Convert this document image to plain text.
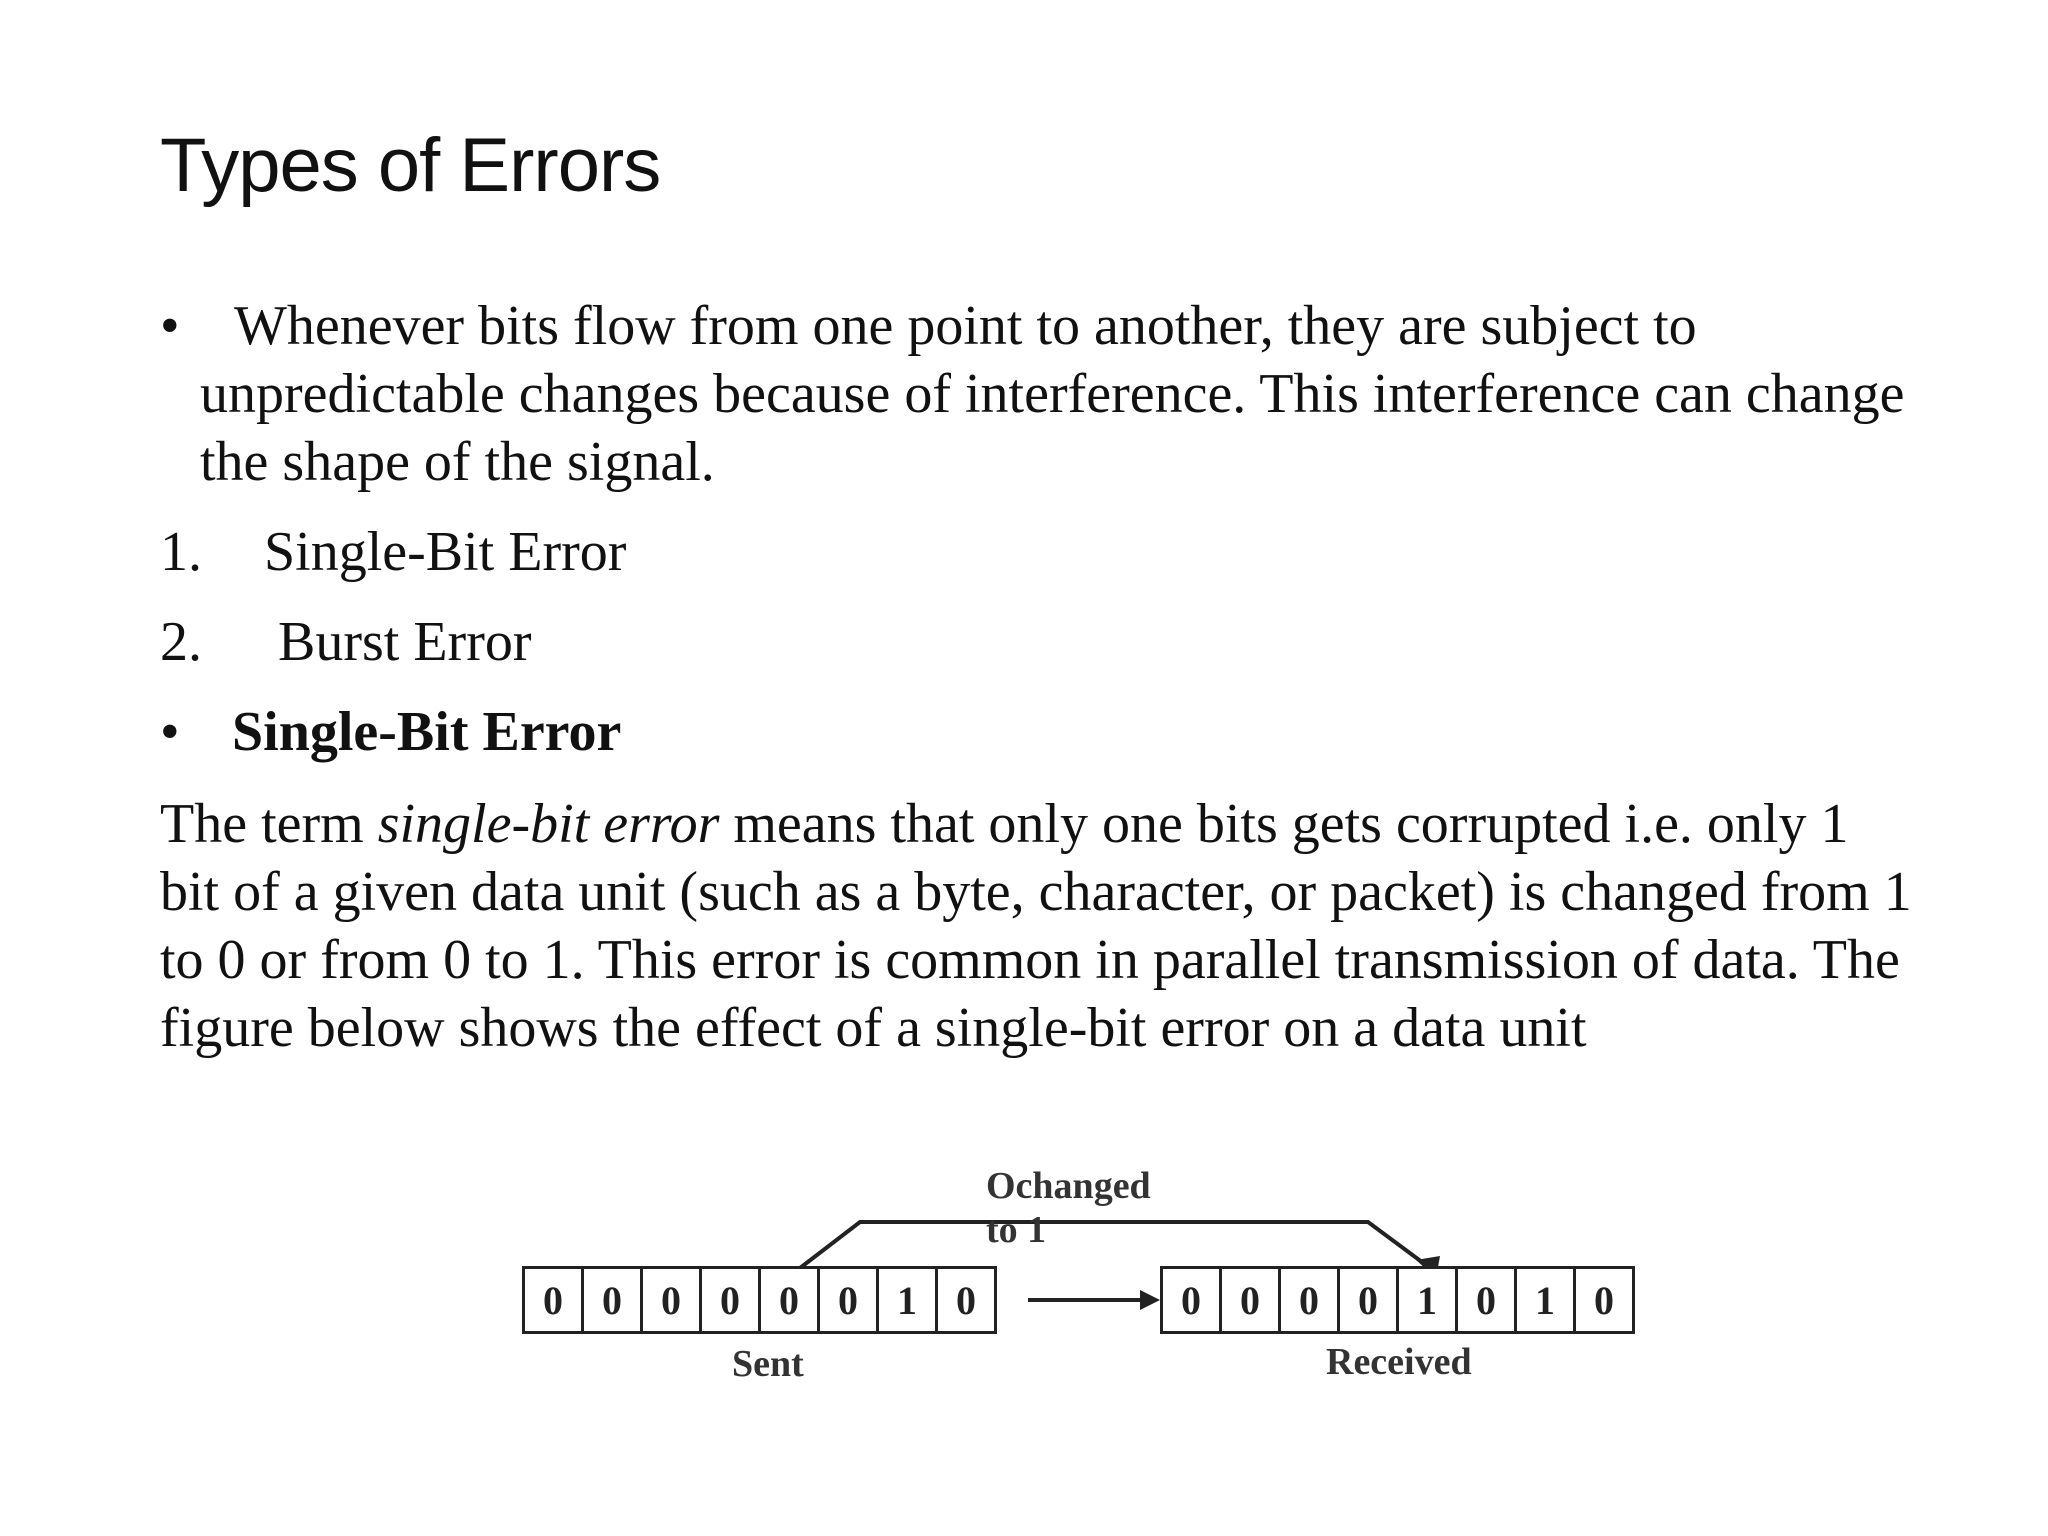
Types of Errors
• Whenever bits flow from one point to another, they are subject to unpredictable changes because of interference. This interference can change the shape of the signal.

1. Single-Bit Error
2. Burst Error
• Single-Bit Error

The term single-bit error means that only one bits gets corrupted i.e. only 1 bit of a given data unit (such as a byte, character, or packet) is changed from 1 to 0 or from 0 to 1. This error is common in parallel transmission of data. The figure below shows the effect of a single-bit error on a data unit

Ochanged to 1
0 0 0 0 0 0 1 0	0 0 0 0 1 0 1 0
Sent	Received
